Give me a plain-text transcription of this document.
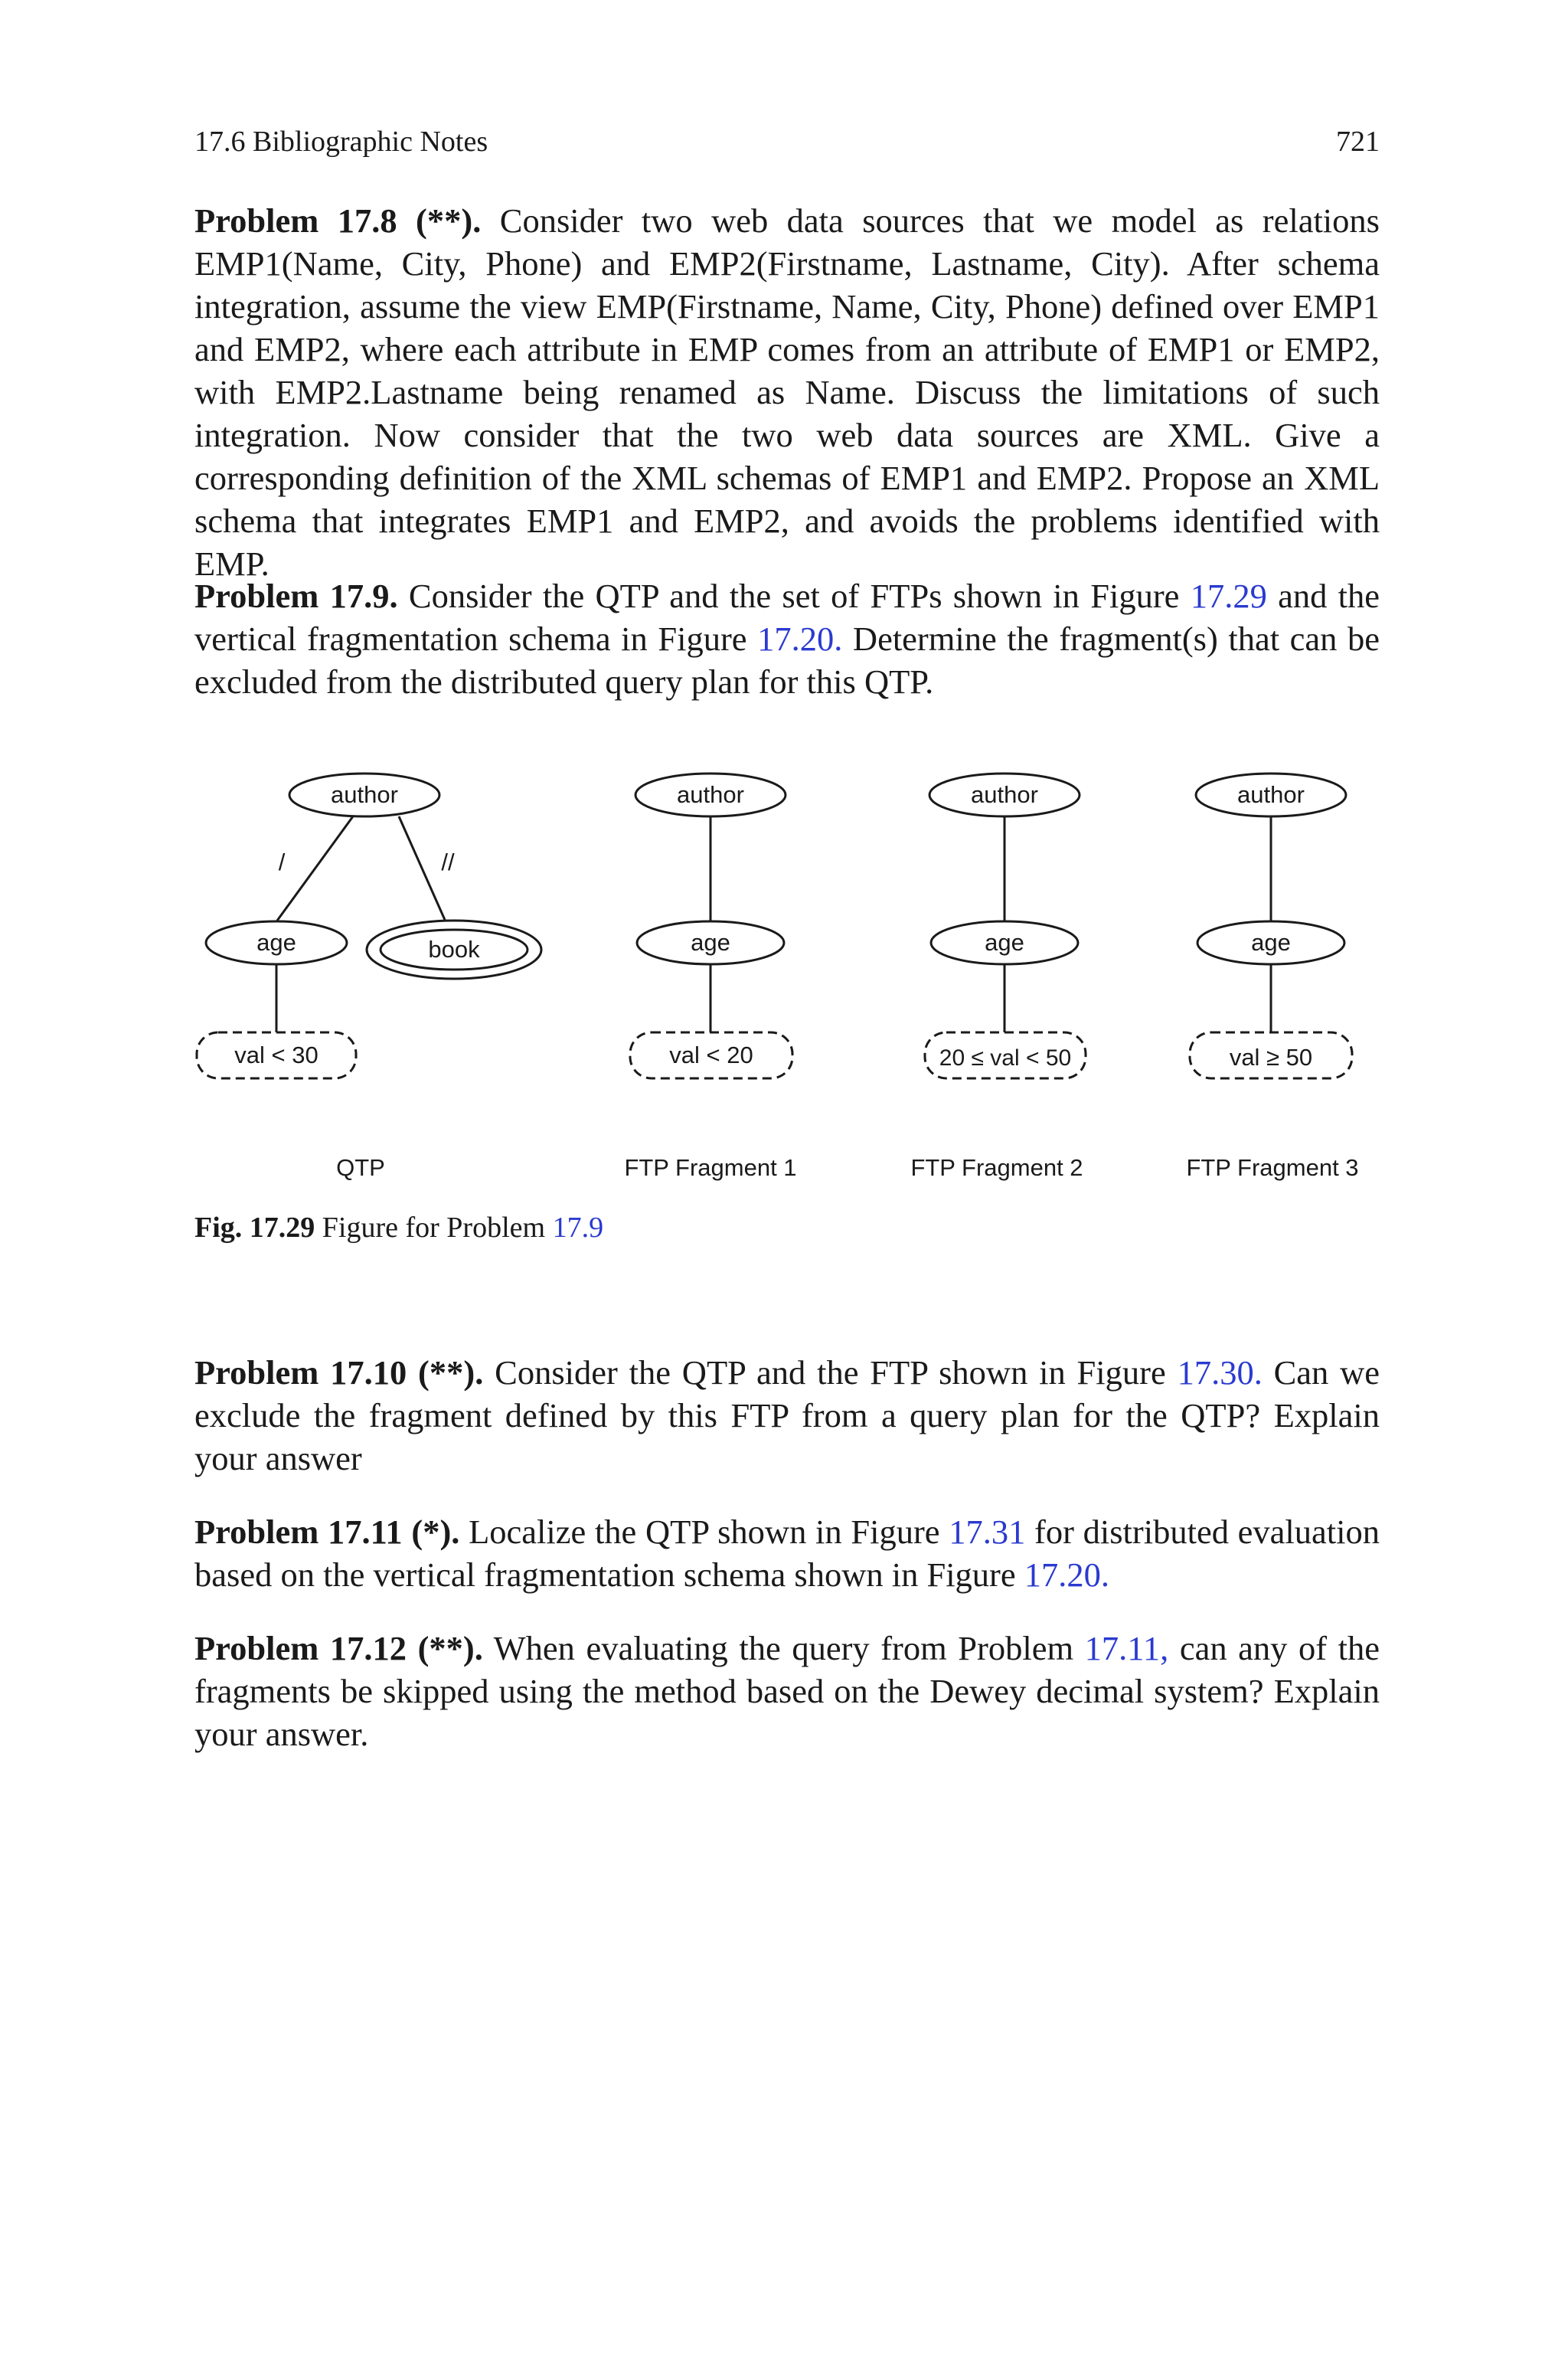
17.6 Bibliographic Notes	721

Problem 17.8 (**). Consider two web data sources that we model as relations EMP1(Name, City, Phone) and EMP2(Firstname, Lastname, City). After schema integration, assume the view EMP(Firstname, Name, City, Phone) defined over EMP1 and EMP2, where each attribute in EMP comes from an attribute of EMP1 or EMP2, with EMP2.Lastname being renamed as Name. Discuss the limitations of such integration. Now consider that the two web data sources are XML. Give a corresponding definition of the XML schemas of EMP1 and EMP2. Propose an XML schema that integrates EMP1 and EMP2, and avoids the problems identified with EMP.

Problem 17.9. Consider the QTP and the set of FTPs shown in Figure 17.29 and the vertical fragmentation schema in Figure 17.20. Determine the fragment(s) that can be excluded from the distributed query plan for this QTP.

author
age	book
val < 30
/	//
QTP
author
age
val < 20
FTP Fragment 1
author
age
20 ≤ val < 50
FTP Fragment 2
author
age
val ≥ 50
FTP Fragment 3
Fig. 17.29 Figure for Problem 17.9

Problem 17.10 (**). Consider the QTP and the FTP shown in Figure 17.30. Can we exclude the fragment defined by this FTP from a query plan for the QTP? Explain your answer

Problem 17.11 (*). Localize the QTP shown in Figure 17.31 for distributed evaluation based on the vertical fragmentation schema shown in Figure 17.20.

Problem 17.12 (**). When evaluating the query from Problem 17.11, can any of the fragments be skipped using the method based on the Dewey decimal system? Explain your answer.
